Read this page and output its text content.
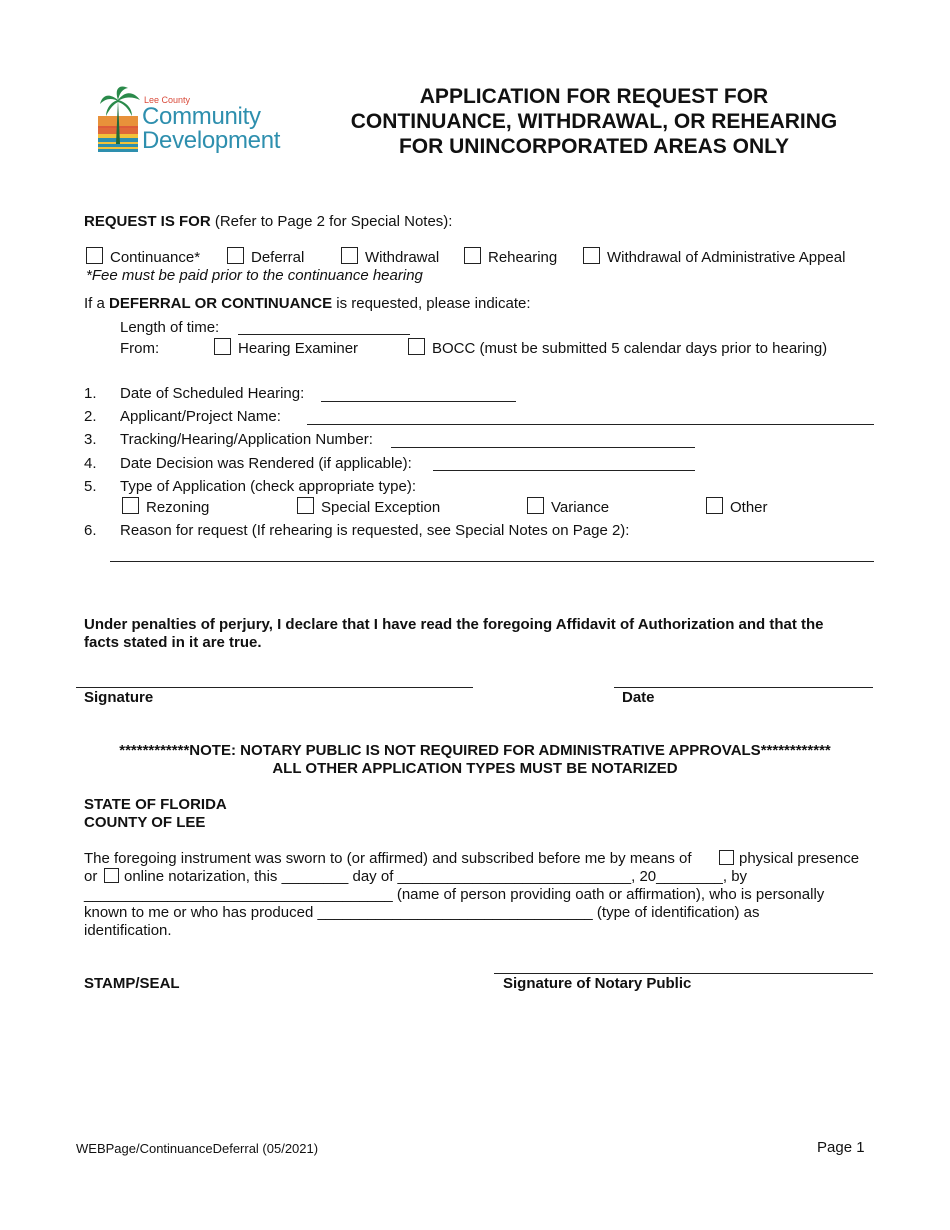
Lee County
Community
Development
APPLICATION FOR REQUEST FOR
CONTINUANCE, WITHDRAWAL, OR REHEARING
FOR UNINCORPORATED AREAS ONLY
REQUEST IS FOR (Refer to Page 2 for Special Notes):
Continuance*	Deferral	Withdrawal	Rehearing	Withdrawal of Administrative Appeal
*Fee must be paid prior to the continuance hearing
If a DEFERRAL OR CONTINUANCE is requested, please indicate:
Length of time:
From:	Hearing Examiner	BOCC (must be submitted 5 calendar days prior to hearing)
1. Date of Scheduled Hearing:
2. Applicant/Project Name:
3. Tracking/Hearing/Application Number:
4. Date Decision was Rendered (if applicable):
5. Type of Application (check appropriate type):
Rezoning	Special Exception	Variance	Other
6. Reason for request (If rehearing is requested, see Special Notes on Page 2):
Under penalties of perjury, I declare that I have read the foregoing Affidavit of Authorization and that the
facts stated in it are true.
Signature	Date
************NOTE: NOTARY PUBLIC IS NOT REQUIRED FOR ADMINISTRATIVE APPROVALS************
ALL OTHER APPLICATION TYPES MUST BE NOTARIZED
STATE OF FLORIDA
COUNTY OF LEE
The foregoing instrument was sworn to (or affirmed) and subscribed before me by means of	physical presence
or online notarization, this ________ day of ____________________________, 20________, by
_____________________________________ (name of person providing oath or affirmation), who is personally
known to me or who has produced _________________________________ (type of identification) as
identification.
STAMP/SEAL	Signature of Notary Public
WEBPage/ContinuanceDeferral (05/2021)	Page 1
